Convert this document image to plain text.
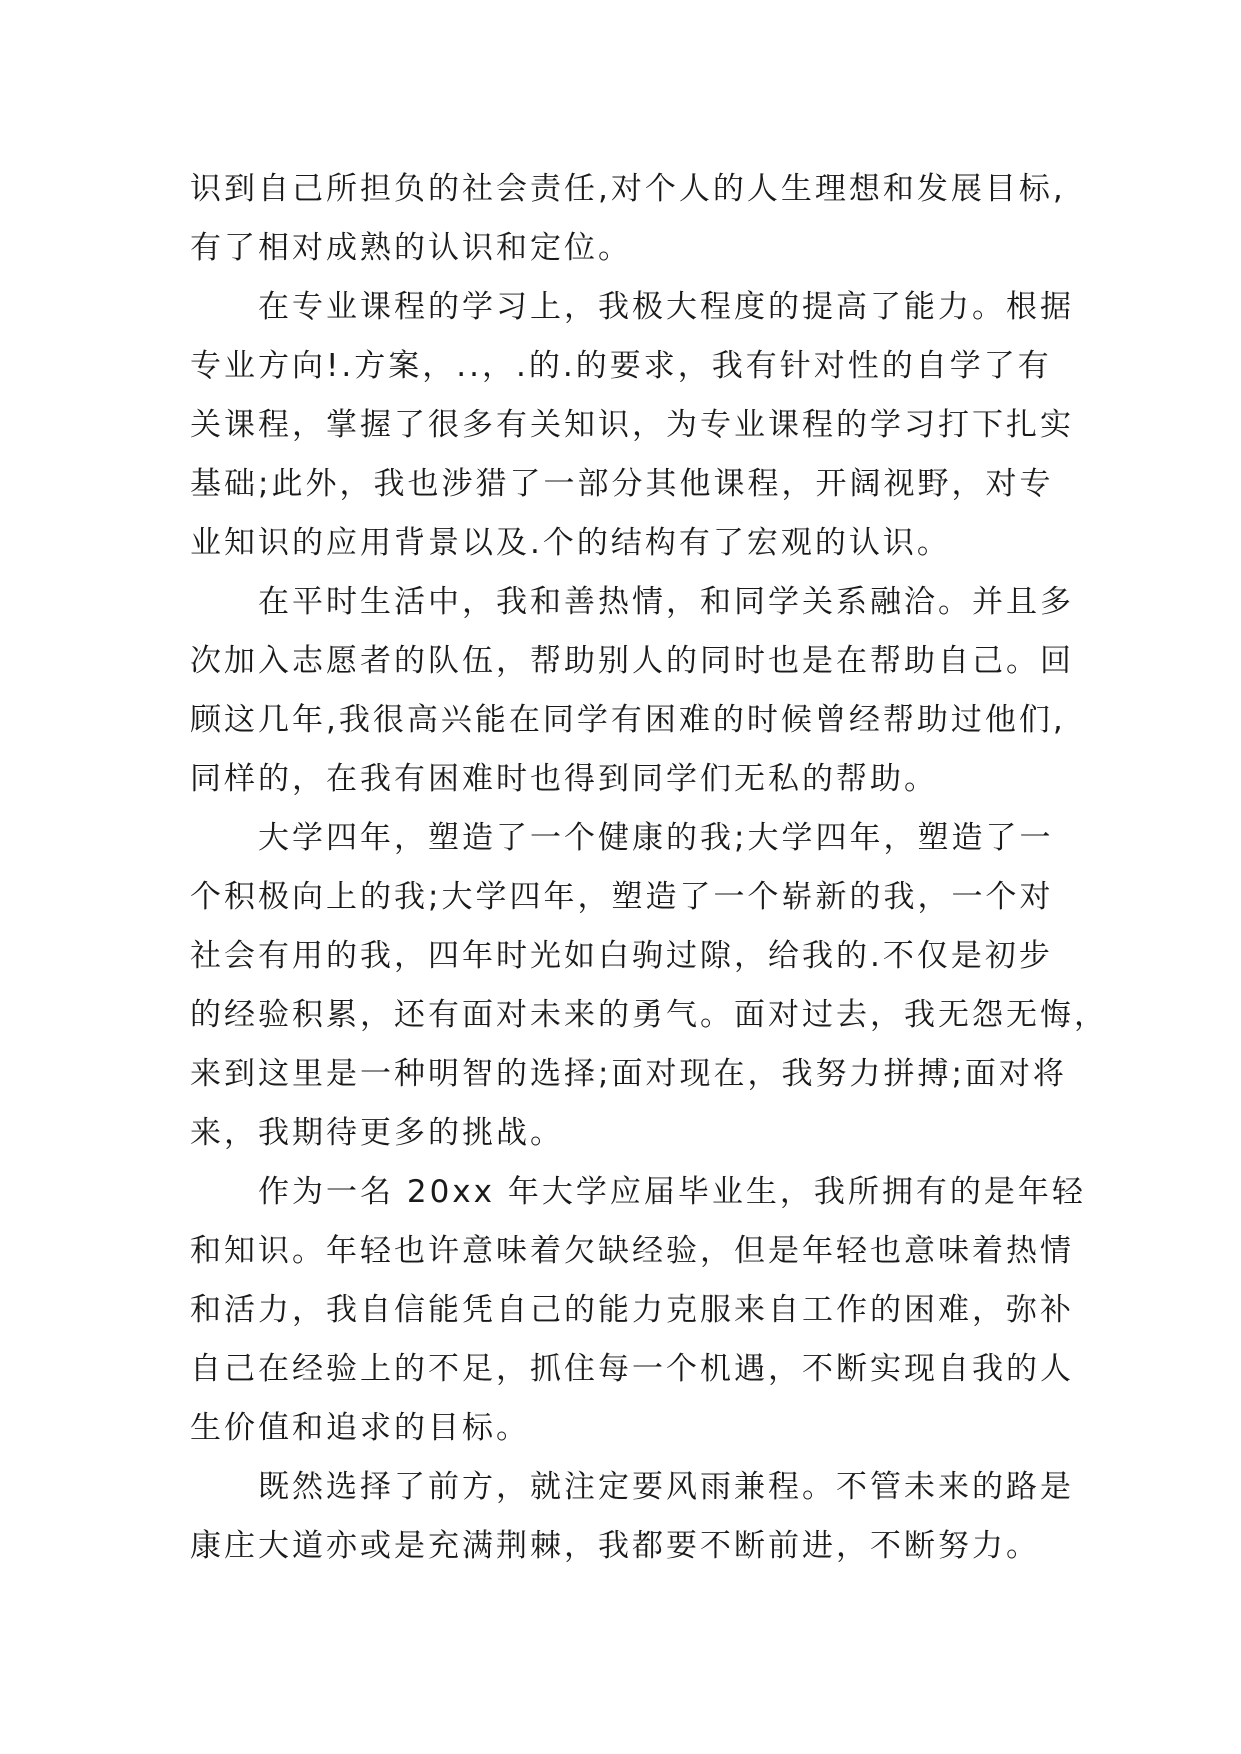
识到自己所担负的社会责任,对个人的人生理想和发展目标,
有了相对成熟的认识和定位。
在专业课程的学习上，我极大程度的提高了能力。根据
专业方向!.方案，..，.的.的要求，我有针对性的自学了有
关课程，掌握了很多有关知识，为专业课程的学习打下扎实
基础;此外，我也涉猎了一部分其他课程，开阔视野，对专
业知识的应用背景以及.个的结构有了宏观的认识。
在平时生活中，我和善热情，和同学关系融洽。并且多
次加入志愿者的队伍，帮助别人的同时也是在帮助自己。回
顾这几年,我很高兴能在同学有困难的时候曾经帮助过他们,
同样的，在我有困难时也得到同学们无私的帮助。
大学四年，塑造了一个健康的我;大学四年，塑造了一
个积极向上的我;大学四年，塑造了一个崭新的我，一个对
社会有用的我，四年时光如白驹过隙，给我的.不仅是初步
的经验积累，还有面对未来的勇气。面对过去，我无怨无悔，
来到这里是一种明智的选择;面对现在，我努力拼搏;面对将
来，我期待更多的挑战。
作为一名 20xx 年大学应届毕业生，我所拥有的是年轻
和知识。年轻也许意味着欠缺经验，但是年轻也意味着热情
和活力，我自信能凭自己的能力克服来自工作的困难，弥补
自己在经验上的不足，抓住每一个机遇，不断实现自我的人
生价值和追求的目标。
既然选择了前方，就注定要风雨兼程。不管未来的路是
康庄大道亦或是充满荆棘，我都要不断前进，不断努力。
